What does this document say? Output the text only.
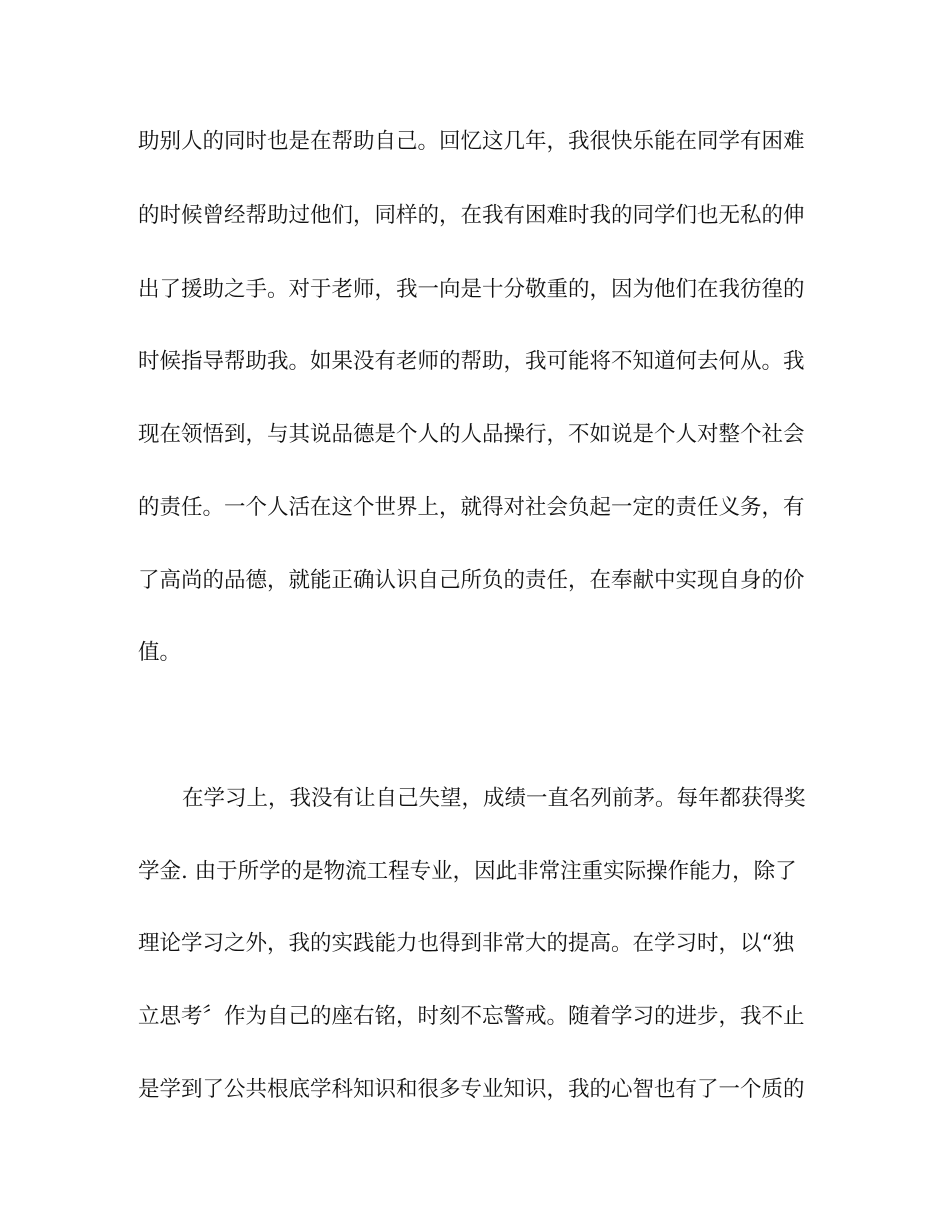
助别人的同时也是在帮助自己。回忆这几年，我很快乐能在同学有困难
的时候曾经帮助过他们，同样的，在我有困难时我的同学们也无私的伸
出了援助之手。对于老师，我一向是十分敬重的，因为他们在我彷徨的
时候指导帮助我。如果没有老师的帮助，我可能将不知道何去何从。我
现在领悟到，与其说品德是个人的人品操行，不如说是个人对整个社会
的责任。一个人活在这个世界上，就得对社会负起一定的责任义务，有
了高尚的品德，就能正确认识自己所负的责任，在奉献中实现自身的价
值。
在学习上，我没有让自己失望，成绩一直名列前茅。每年都获得奖
学金. 由于所学的是物流工程专业，因此非常注重实际操作能力，除了
理论学习之外，我的实践能力也得到非常大的提高。在学习时，以“独
立思考〞作为自己的座右铭，时刻不忘警戒。随着学习的进步，我不止
是学到了公共根底学科知识和很多专业知识，我的心智也有了一个质的
